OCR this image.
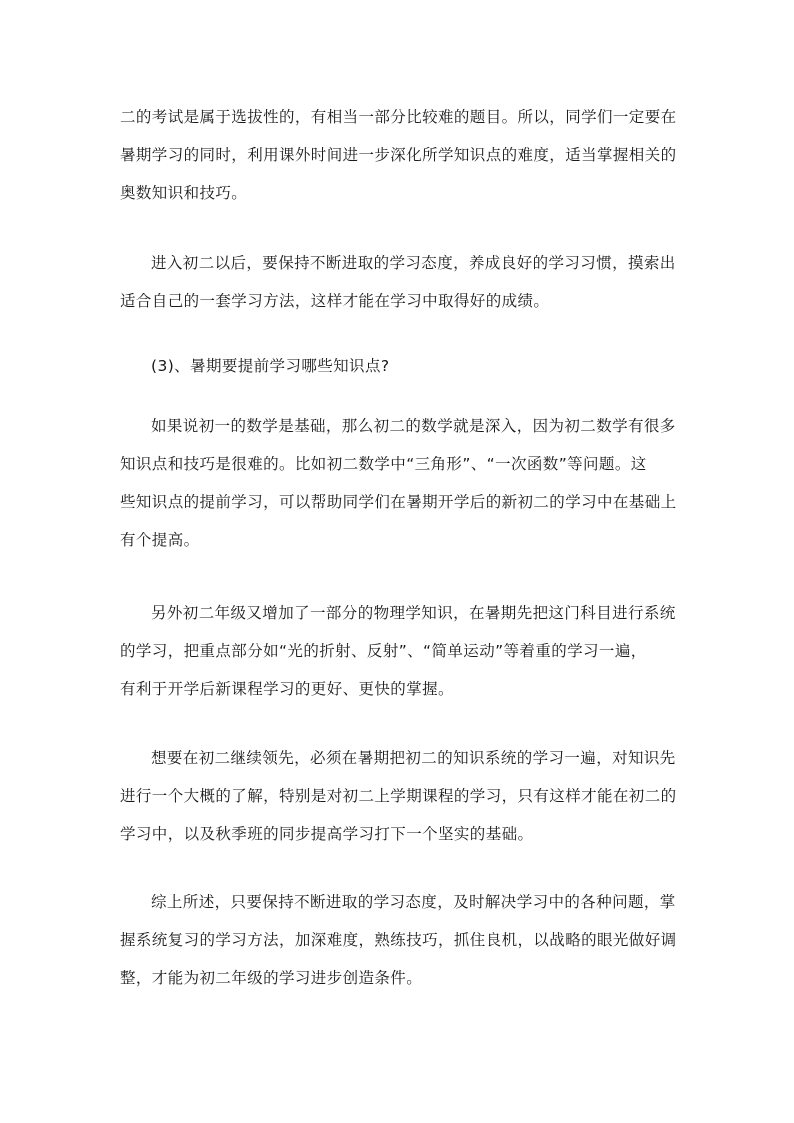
二的考试是属于选拔性的，有相当一部分比较难的题目。所以，同学们一定要在
暑期学习的同时，利用课外时间进一步深化所学知识点的难度，适当掌握相关的
奥数知识和技巧。

进入初二以后，要保持不断进取的学习态度，养成良好的学习习惯，摸索出
适合自己的一套学习方法，这样才能在学习中取得好的成绩。

(3)、暑期要提前学习哪些知识点?

如果说初一的数学是基础，那么初二的数学就是深入，因为初二数学有很多
知识点和技巧是很难的。比如初二数学中“三角形”、“一次函数”等问题。这
些知识点的提前学习，可以帮助同学们在暑期开学后的新初二的学习中在基础上
有个提高。

另外初二年级又增加了一部分的物理学知识，在暑期先把这门科目进行系统
的学习，把重点部分如“光的折射、反射”、“简单运动”等着重的学习一遍，
有利于开学后新课程学习的更好、更快的掌握。

想要在初二继续领先，必须在暑期把初二的知识系统的学习一遍，对知识先
进行一个大概的了解，特别是对初二上学期课程的学习，只有这样才能在初二的
学习中，以及秋季班的同步提高学习打下一个坚实的基础。

综上所述，只要保持不断进取的学习态度，及时解决学习中的各种问题，掌
握系统复习的学习方法，加深难度，熟练技巧，抓住良机，以战略的眼光做好调
整，才能为初二年级的学习进步创造条件。
